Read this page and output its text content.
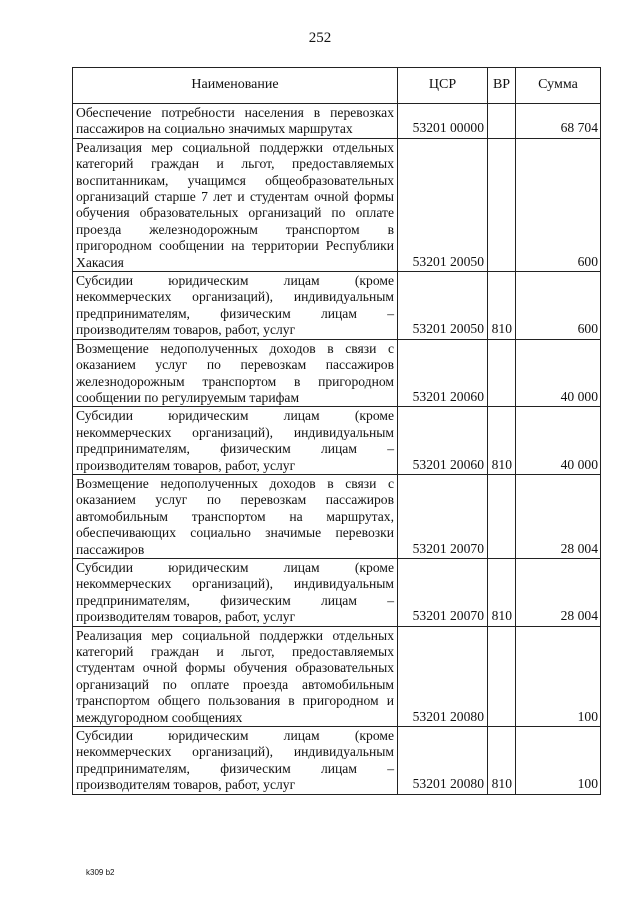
252
Наименование	ЦСР	ВР	Сумма
Обеспечение потребности населения в перевозках пассажиров на социально значимых маршрутах	53201 00000		68 704
Реализация мер социальной поддержки отдельных категорий граждан и льгот, предоставляемых воспитанникам, учащимся общеобразовательных организаций старше 7 лет и студентам очной формы обучения образовательных организаций по оплате проезда железнодорожным транспортом в пригородном сообщении на территории Республики Хакасия	53201 20050		600
Субсидии юридическим лицам (кроме некоммерческих организаций), индивидуальным предпринимателям, физическим лицам – производителям товаров, работ, услуг	53201 20050	810	600
Возмещение недополученных доходов в связи с оказанием услуг по перевозкам пассажиров железнодорожным транспортом в пригородном сообщении по регулируемым тарифам	53201 20060		40 000
Субсидии юридическим лицам (кроме некоммерческих организаций), индивидуальным предпринимателям, физическим лицам – производителям товаров, работ, услуг	53201 20060	810	40 000
Возмещение недополученных доходов в связи с оказанием услуг по перевозкам пассажиров автомобильным транспортом на маршрутах, обеспечивающих социально значимые перевозки пассажиров	53201 20070		28 004
Субсидии юридическим лицам (кроме некоммерческих организаций), индивидуальным предпринимателям, физическим лицам – производителям товаров, работ, услуг	53201 20070	810	28 004
Реализация мер социальной поддержки отдельных категорий граждан и льгот, предоставляемых студентам очной формы обучения образовательных организаций по оплате проезда автомобильным транспортом общего пользования в пригородном и междугородном сообщениях	53201 20080		100
Субсидии юридическим лицам (кроме некоммерческих организаций), индивидуальным предпринимателям, физическим лицам – производителям товаров, работ, услуг	53201 20080	810	100
k309 b2
